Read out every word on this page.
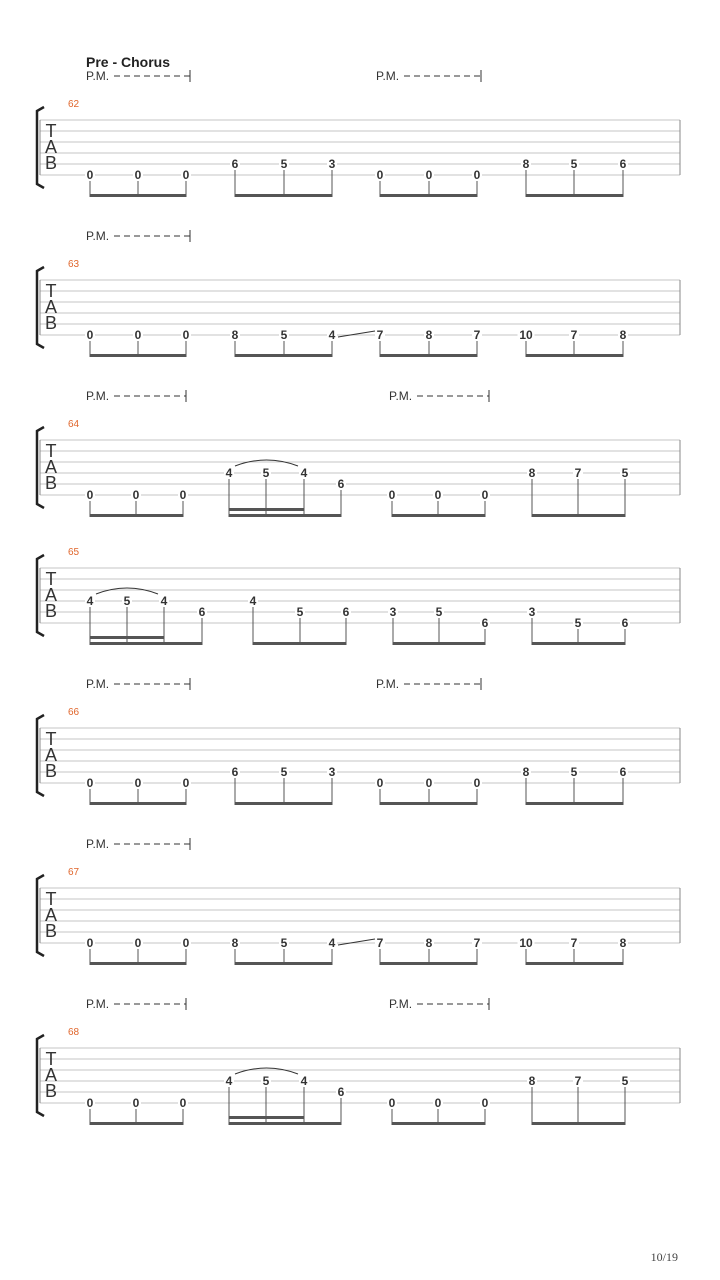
Pre - Chorus
62
P.M.	P.M.
T
A
B
0	0	0
6	5	3
0	0	0
8	5	6
63
P.M.
T
A
B
0	0	0	8	5	4	7	8	7	10	7	8
64
P.M.	P.M.
T
A
B
0	0	0
4	5	4
6
0	0	0
8	7	5
65
T
A
B 4	5	4
6
4
5	6	3	5
6
3
5	6
66
P.M.	P.M.
T
A
B
0	0	0
6	5	3
0	0	0
8	5	6
67
P.M.
T
A
B
0	0	0	8	5	4	7	8	7	10	7	8
68
P.M.	P.M.
T
A
B
0	0	0
4	5	4
6
0	0	0
8	7	5
10/19
